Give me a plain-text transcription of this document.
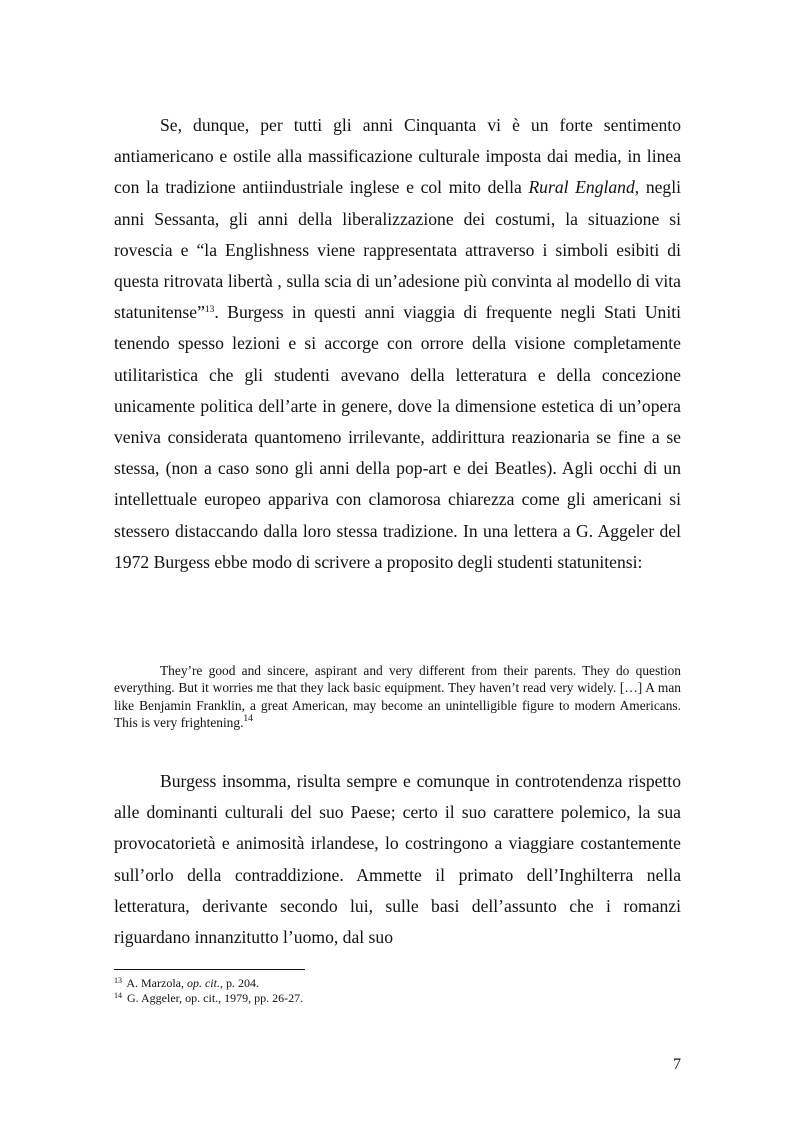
Se, dunque, per tutti gli anni Cinquanta vi è un forte sentimento antiamericano e ostile alla massificazione culturale imposta dai media, in linea con la tradizione antiindustriale inglese e col mito della Rural England, negli anni Sessanta, gli anni della liberalizzazione dei costumi, la situazione si rovescia e “la Englishness viene rappresentata attraverso i simboli esibiti di questa ritrovata libertà , sulla scia di un’adesione più convinta al modello di vita statunitense”$^{13}$. Burgess in questi anni viaggia di frequente negli Stati Uniti tenendo spesso lezioni e si accorge con orrore della visione completamente utilitaristica che gli studenti avevano della letteratura e della concezione unicamente politica dell’arte in genere, dove la dimensione estetica di un’opera veniva considerata quantomeno irrilevante, addirittura reazionaria se fine a se stessa, (non a caso sono gli anni della pop-art e dei Beatles). Agli occhi di un intellettuale europeo appariva con clamorosa chiarezza come gli americani si stessero distaccando dalla loro stessa tradizione. In una lettera a G. Aggeler del 1972 Burgess ebbe modo di scrivere a proposito degli studenti statunitensi:

They’re good and sincere, aspirant and very different from their parents. They do question everything. But it worries me that they lack basic equipment. They haven’t read very widely. […] A man like Benjamin Franklin, a great American, may become an unintelligible figure to modern Americans. This is very frightening.$^{14}$

Burgess insomma, risulta sempre e comunque in controtendenza rispetto alle dominanti culturali del suo Paese; certo il suo carattere polemico, la sua provocatorietà e animosità irlandese, lo costringono a viaggiare costantemente sull’orlo della contraddizione. Ammette il primato dell’Inghilterra nella letteratura, derivante secondo lui, sulle basi dell’assunto che i romanzi riguardano innanzitutto l’uomo, dal suo

$^{13}$ A. Marzola, op. cit., p. 204.
$^{14}$ G. Aggeler, op. cit., 1979, pp. 26-27.
7
